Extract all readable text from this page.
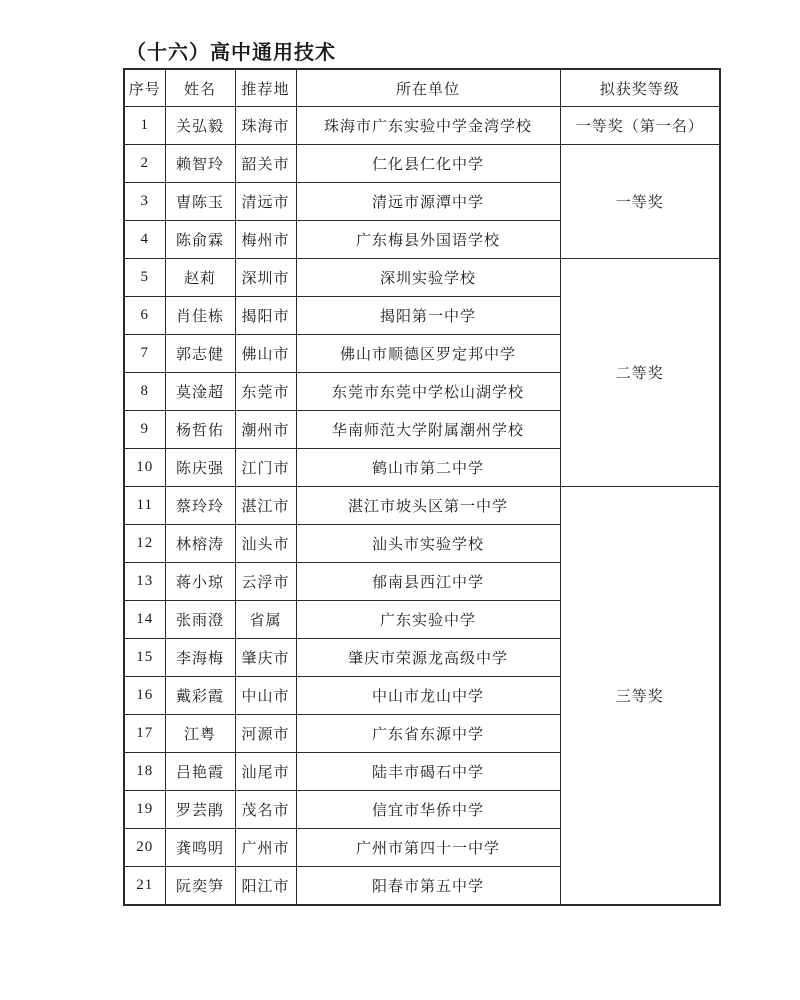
（十六）高中通用技术
序号	姓名	推荐地	所在单位	拟获奖等级
1	关弘毅	珠海市	珠海市广东实验中学金湾学校	一等奖（第一名）
2	赖智玲	韶关市	仁化县仁化中学	一等奖
3	曺陈玉	清远市	清远市源潭中学	
4	陈俞霖	梅州市	广东梅县外国语学校	
5	赵莉	深圳市	深圳实验学校	二等奖
6	肖佳栋	揭阳市	揭阳第一中学	
7	郭志健	佛山市	佛山市顺德区罗定邦中学	
8	莫淦超	东莞市	东莞市东莞中学松山湖学校	
9	杨哲佑	潮州市	华南师范大学附属潮州学校	
10	陈庆强	江门市	鹤山市第二中学	
11	蔡玲玲	湛江市	湛江市坡头区第一中学	三等奖
12	林榕涛	汕头市	汕头市实验学校	
13	蒋小琼	云浮市	郁南县西江中学	
14	张雨澄	省属	广东实验中学	
15	李海梅	肇庆市	肇庆市荣源龙高级中学	
16	戴彩霞	中山市	中山市龙山中学	
17	江粤	河源市	广东省东源中学	
18	吕艳霞	汕尾市	陆丰市碣石中学	
19	罗芸鹃	茂名市	信宜市华侨中学	
20	龚鸣明	广州市	广州市第四十一中学	
21	阮奕笋	阳江市	阳春市第五中学	
